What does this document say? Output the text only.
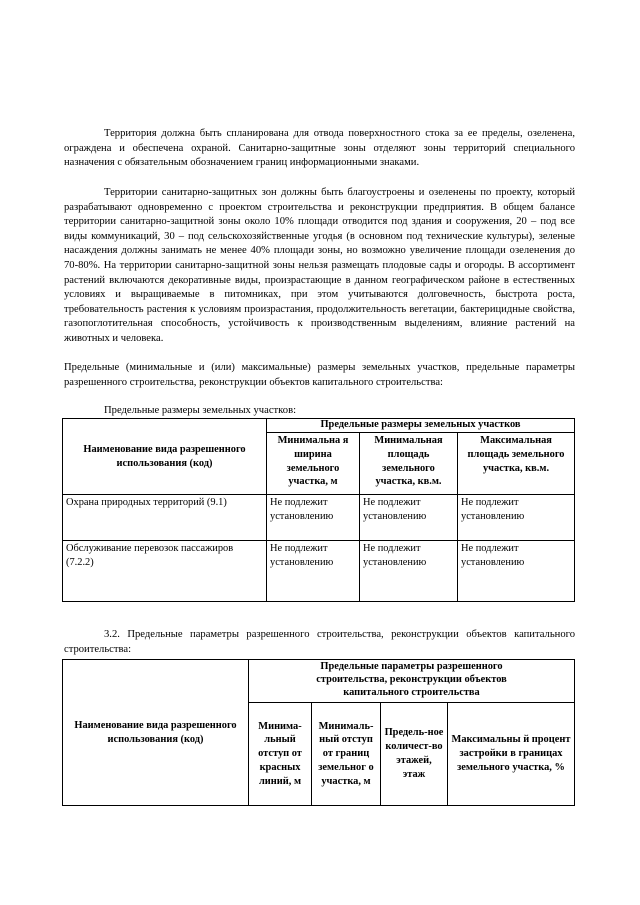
Территория должна быть спланирована для отвода поверхностного стока за ее пределы, озеленена, ограждена и обеспечена охраной. Санитарно-защитные зоны отделяют зоны территорий специального назначения с обязательным обозначением границ информационными знаками.

Территории санитарно-защитных зон должны быть благоустроены и озеленены по проекту, который разрабатывают одновременно с проектом строительства и реконструкции предприятия. В общем балансе территории санитарно-защитной зоны около 10% площади отводится под здания и сооружения, 20 – под все виды коммуникаций, 30 – под сельскохозяйственные угодья (в основном под технические культуры), зеленые насаждения должны занимать не менее 40% площади зоны, но возможно увеличение площади озеленения до 70-80%. На территории санитарно-защитной зоны нельзя размещать плодовые сады и огороды. В ассортимент растений включаются декоративные виды, произрастающие в данном географическом районе в естественных условиях и выращиваемые в питомниках, при этом учитываются долговечность, быстрота роста, требовательность растения к условиям произрастания, продолжительность вегетации, бактерицидные свойства, газопоглотительная способность, устойчивость к производственным выделениям, влияние растений на животных и человека.

Предельные (минимальные и (или) максимальные) размеры земельных участков, предельные параметры разрешенного строительства, реконструкции объектов капитального строительства:

Предельные размеры земельных участков:

Наименование вида разрешенного использования (код)	Предельные размеры земельных участков		
	Минимальна я ширина земельного участка, м	Минимальная площадь земельного участка, кв.м.	Максимальная площадь земельного участка, кв.м.
Охрана природных территорий (9.1)	Не подлежит установлению	Не подлежит установлению	Не подлежит установлению
Обслуживание перевозок пассажиров (7.2.2)	Не подлежит установлению	Не подлежит установлению	Не подлежит установлению

3.2. Предельные параметры разрешенного строительства, реконструкции объектов капитального строительства:

Наименование вида разрешенного использования (код)	Предельные параметры разрешенного строительства, реконструкции объектов капитального строительства			
	Минима-льный отступ от красных линий, м	Минималь-ный отступ от границ земельног о участка, м	Предель-ное количест-во этажей, этаж	Максимальны й процент застройки в границах земельного участка, %
